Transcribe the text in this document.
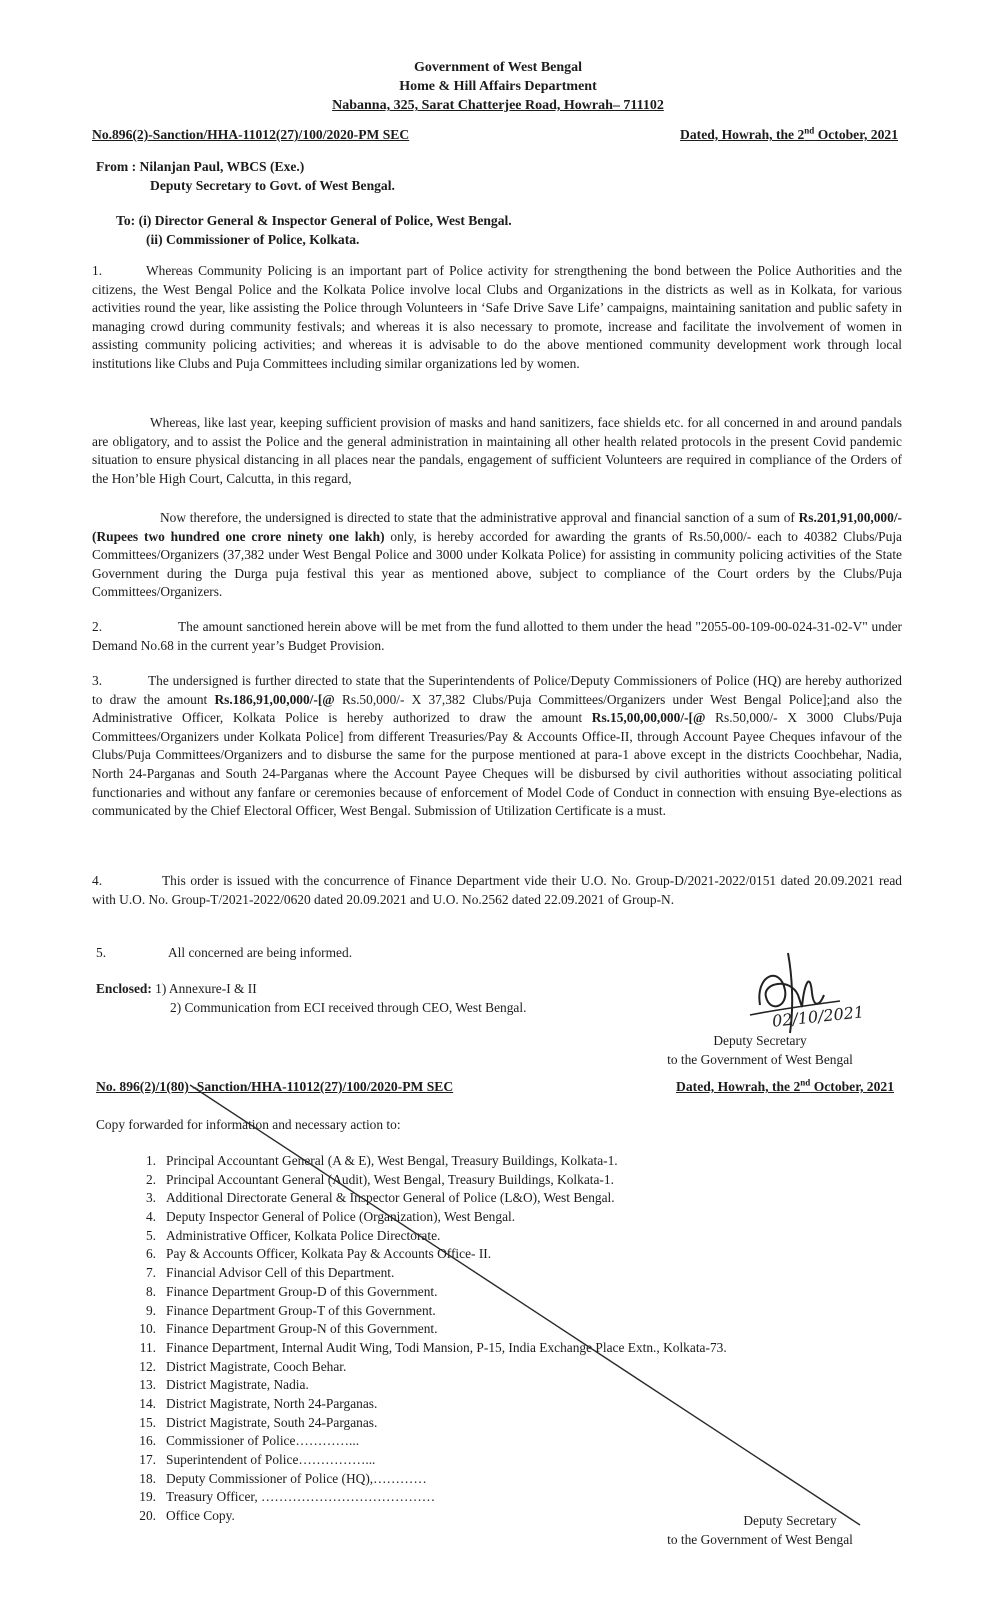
Government of West Bengal
Home & Hill Affairs Department
Nabanna, 325, Sarat Chatterjee Road, Howrah– 711102
No.896(2)-Sanction/HHA-11012(27)/100/2020-PM SEC	Dated, Howrah, the 2nd October, 2021
From : Nilanjan Paul, WBCS (Exe.)
Deputy Secretary to Govt. of West Bengal.
To: (i) Director General & Inspector General of Police, West Bengal.
(ii) Commissioner of Police, Kolkata.
1.	Whereas Community Policing is an important part of Police activity for strengthening the bond between the Police Authorities and the citizens, the West Bengal Police and the Kolkata Police involve local Clubs and Organizations in the districts as well as in Kolkata, for various activities round the year, like assisting the Police through Volunteers in ‘Safe Drive Save Life’ campaigns, maintaining sanitation and public safety in managing crowd during community festivals; and whereas it is also necessary to promote, increase and facilitate the involvement of women in assisting community policing activities; and whereas it is advisable to do the above mentioned community development work through local institutions like Clubs and Puja Committees including similar organizations led by women.
Whereas, like last year, keeping sufficient provision of masks and hand sanitizers, face shields etc. for all concerned in and around pandals are obligatory, and to assist the Police and the general administration in maintaining all other health related protocols in the present Covid pandemic situation to ensure physical distancing in all places near the pandals, engagement of sufficient Volunteers are required in compliance of the Orders of the Hon’ble High Court, Calcutta, in this regard,
Now therefore, the undersigned is directed to state that the administrative approval and financial sanction of a sum of Rs.201,91,00,000/-(Rupees two hundred one crore ninety one lakh) only, is hereby accorded for awarding the grants of Rs.50,000/- each to 40382 Clubs/Puja Committees/Organizers (37,382 under West Bengal Police and 3000 under Kolkata Police) for assisting in community policing activities of the State Government during the Durga puja festival this year as mentioned above, subject to compliance of the Court orders by the Clubs/Puja Committees/Organizers.
2.	The amount sanctioned herein above will be met from the fund allotted to them under the head "2055-00-109-00-024-31-02-V" under Demand No.68 in the current year’s Budget Provision.
3.	The undersigned is further directed to state that the Superintendents of Police/Deputy Commissioners of Police (HQ) are hereby authorized to draw the amount Rs.186,91,00,000/-[@ Rs.50,000/- X 37,382 Clubs/Puja Committees/Organizers under West Bengal Police];and also the Administrative Officer, Kolkata Police is hereby authorized to draw the amount Rs.15,00,00,000/-[@ Rs.50,000/- X 3000 Clubs/Puja Committees/Organizers under Kolkata Police] from different Treasuries/Pay & Accounts Office-II, through Account Payee Cheques infavour of the Clubs/Puja Committees/Organizers and to disburse the same for the purpose mentioned at para-1 above except in the districts Coochbehar, Nadia, North 24-Parganas and South 24-Parganas where the Account Payee Cheques will be disbursed by civil authorities without associating political functionaries and without any fanfare or ceremonies because of enforcement of Model Code of Conduct in connection with ensuing Bye-elections as communicated by the Chief Electoral Officer, West Bengal. Submission of Utilization Certificate is a must.
4.	This order is issued with the concurrence of Finance Department vide their U.O. No. Group-D/2021-2022/0151 dated 20.09.2021 read with U.O. No. Group-T/2021-2022/0620 dated 20.09.2021 and U.O. No.2562 dated 22.09.2021 of Group-N.
5.	All concerned are being informed.
Enclosed: 1) Annexure-I & II
2) Communication from ECI received through CEO, West Bengal.	02/10/2021
Deputy Secretary
to the Government of West Bengal
No. 896(2)/1(80) -Sanction/HHA-11012(27)/100/2020-PM SEC	Dated, Howrah, the 2nd October, 2021
Copy forwarded for information and necessary action to:
1. Principal Accountant General (A & E), West Bengal, Treasury Buildings, Kolkata-1.
2. Principal Accountant General (Audit), West Bengal, Treasury Buildings, Kolkata-1.
3. Additional Directorate General & Inspector General of Police (L&O), West Bengal.
4. Deputy Inspector General of Police (Organization), West Bengal.
5. Administrative Officer, Kolkata Police Directorate.
6. Pay & Accounts Officer, Kolkata Pay & Accounts Office- II.
7. Financial Advisor Cell of this Department.
8. Finance Department Group-D of this Government.
9. Finance Department Group-T of this Government.
10. Finance Department Group-N of this Government.
11. Finance Department, Internal Audit Wing, Todi Mansion, P-15, India Exchange Place Extn., Kolkata-73.
12. District Magistrate, Cooch Behar.
13. District Magistrate, Nadia.
14. District Magistrate, North 24-Parganas.
15. District Magistrate, South 24-Parganas.
16. Commissioner of Police…………...
17. Superintendent of Police……………...
18. Deputy Commissioner of Police (HQ),…………
19. Treasury Officer, …………………………………
20. Office Copy.	Deputy Secretary
to the Government of West Bengal
